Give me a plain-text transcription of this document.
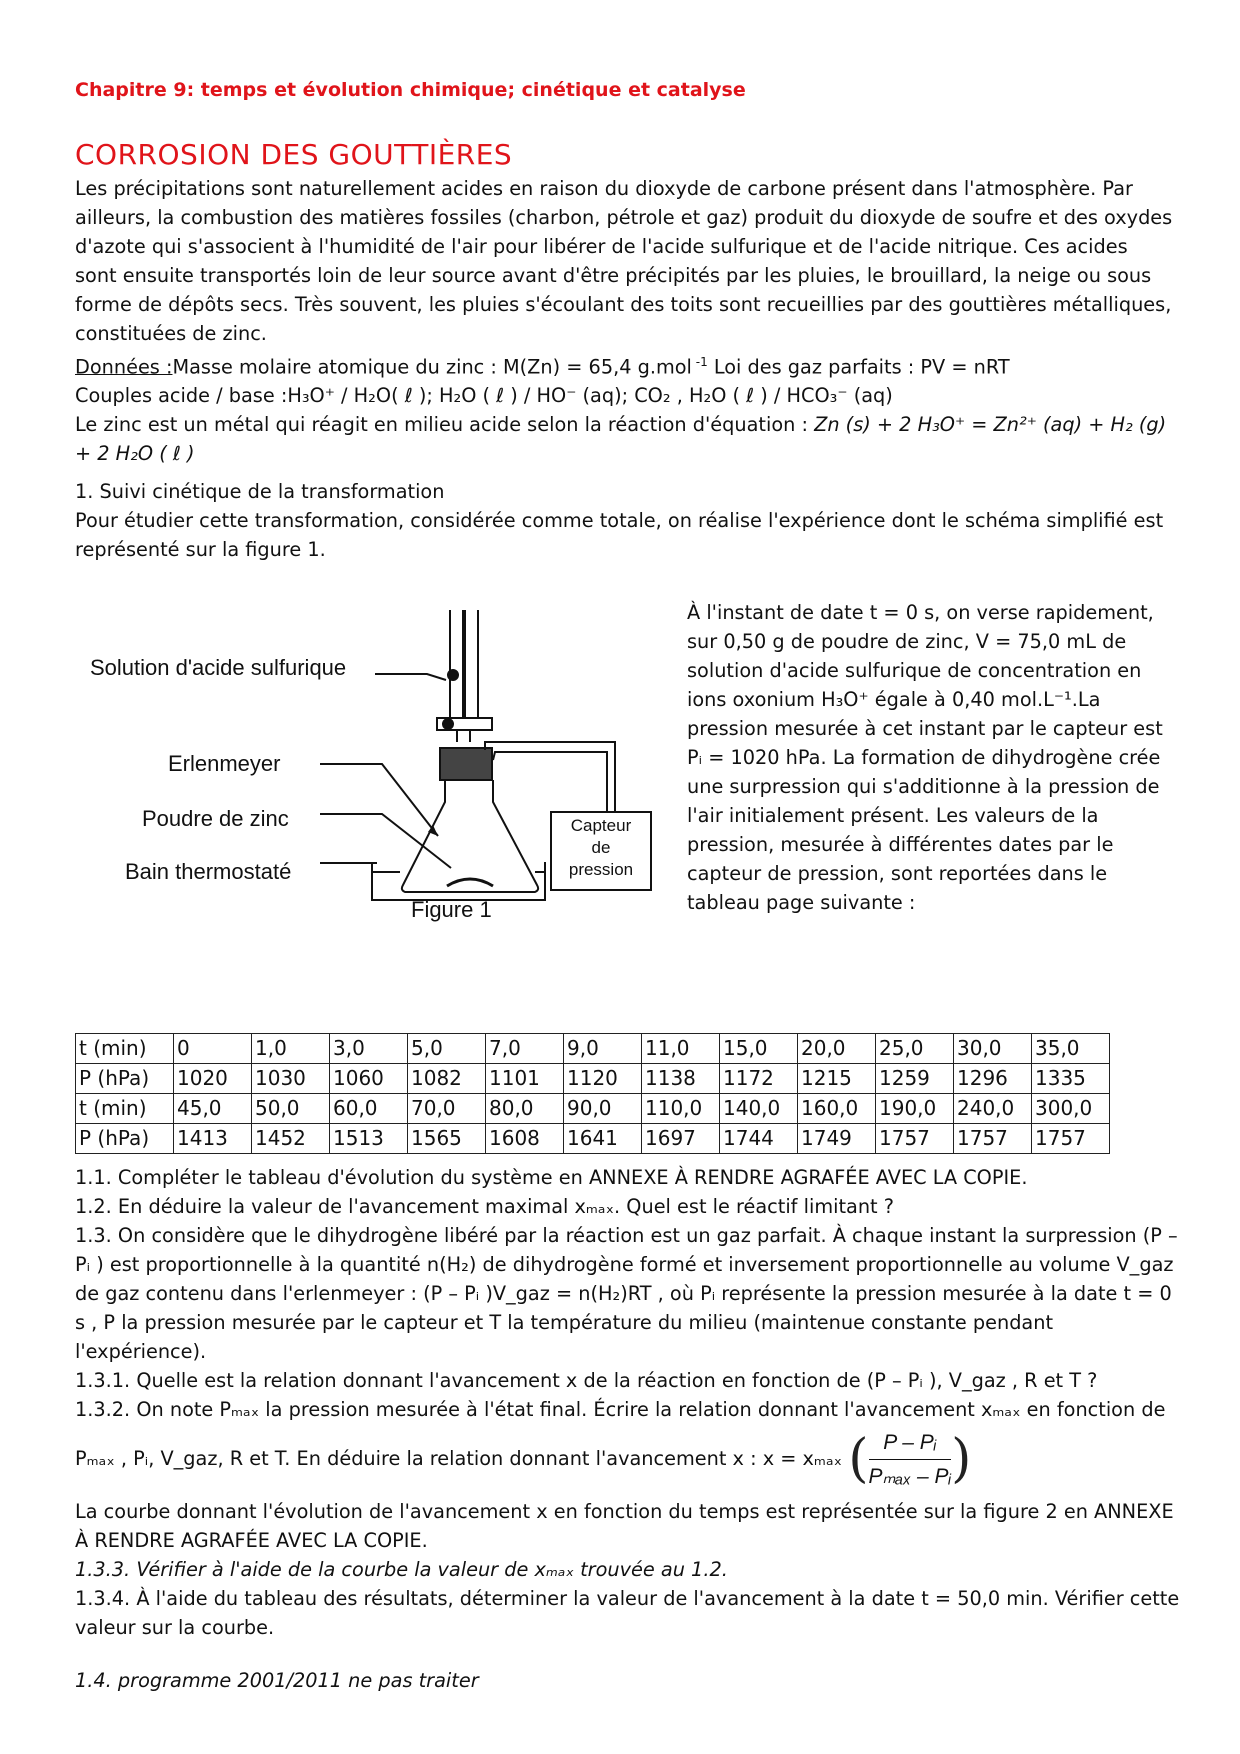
Chapitre 9: temps et évolution chimique; cinétique et catalyse
CORROSION DES GOUTTIÈRES

Les précipitations sont naturellement acides en raison du dioxyde de carbone présent dans l'atmosphère. Par ailleurs, la combustion des matières fossiles (charbon, pétrole et gaz) produit du dioxyde de soufre et des oxydes d'azote qui s'associent à l'humidité de l'air pour libérer de l'acide sulfurique et de l'acide nitrique. Ces acides sont ensuite transportés loin de leur source avant d'être précipités par les pluies, le brouillard, la neige ou sous forme de dépôts secs. Très souvent, les pluies s'écoulant des toits sont recueillies par des gouttières métalliques, constituées de zinc.

Données :Masse molaire atomique du zinc : M(Zn) = 65,4 g.mol $^{-1}$ Loi des gaz parfaits : PV = nRT

Couples acide / base :H₃O⁺ / H₂O( ℓ ); H₂O ( ℓ ) / HO⁻ (aq); CO₂ , H₂O ( ℓ ) / HCO₃⁻ (aq)

Le zinc est un métal qui réagit en milieu acide selon la réaction d'équation : Zn (s) + 2 H₃O⁺ = Zn²⁺ (aq) + H₂ (g) + 2 H₂O ( ℓ )

1. Suivi cinétique de la transformation

Pour étudier cette transformation, considérée comme totale, on réalise l'expérience dont le schéma simplifié est représenté sur la figure 1.

Solution d'acide sulfurique
Erlenmeyer
Poudre de zinc
Bain thermostaté
Capteur
de
pression
Figure 1
À l'instant de date t = 0 s, on verse rapidement, sur 0,50 g de poudre de zinc, V = 75,0 mL de solution d'acide sulfurique de concentration en ions oxonium H₃O⁺ égale à 0,40 mol.L⁻¹.La pression mesurée à cet instant par le capteur est Pᵢ = 1020 hPa. La formation de dihydrogène crée une surpression qui s'additionne à la pression de l'air initialement présent. Les valeurs de la pression, mesurée à différentes dates par le capteur de pression, sont reportées dans le tableau page suivante :
t (min)	0	1,0	3,0	5,0	7,0	9,0	11,0	15,0	20,0	25,0	30,0	35,0
P (hPa)	1020	1030	1060	1082	1101	1120	1138	1172	1215	1259	1296	1335
t (min)	45,0	50,0	60,0	70,0	80,0	90,0	110,0	140,0	160,0	190,0	240,0	300,0
P (hPa)	1413	1452	1513	1565	1608	1641	1697	1744	1749	1757	1757	1757

1.1. Compléter le tableau d'évolution du système en ANNEXE À RENDRE AGRAFÉE AVEC LA COPIE.

1.2. En déduire la valeur de l'avancement maximal xₘₐₓ. Quel est le réactif limitant ?

1.3. On considère que le dihydrogène libéré par la réaction est un gaz parfait. À chaque instant la surpression (P – Pᵢ ) est proportionnelle à la quantité n(H₂) de dihydrogène formé et inversement proportionnelle au volume V_gaz de gaz contenu dans l'erlenmeyer : (P – Pᵢ )V_gaz = n(H₂)RT , où Pᵢ représente la pression mesurée à la date t = 0 s , P la pression mesurée par le capteur et T la température du milieu (maintenue constante pendant l'expérience).

1.3.1. Quelle est la relation donnant l'avancement x de la réaction en fonction de (P – Pᵢ ), V_gaz , R et T ?

1.3.2. On note Pₘₐₓ la pression mesurée à l'état final. Écrire la relation donnant l'avancement xₘₐₓ en fonction de

Pₘₐₓ , Pᵢ, V_gaz, R et T. En déduire la relation donnant l'avancement x : x = xₘₐₓ ( $\frac{\text{P – Pᵢ}}{\text{Pₘₐₓ – Pᵢ}}$ )

La courbe donnant l'évolution de l'avancement x en fonction du temps est représentée sur la figure 2 en ANNEXE À RENDRE AGRAFÉE AVEC LA COPIE.

1.3.3. Vérifier à l'aide de la courbe la valeur de xₘₐₓ trouvée au 1.2.

1.3.4. À l'aide du tableau des résultats, déterminer la valeur de l'avancement à la date t = 50,0 min. Vérifier cette valeur sur la courbe.

1.4. programme 2001/2011 ne pas traiter
